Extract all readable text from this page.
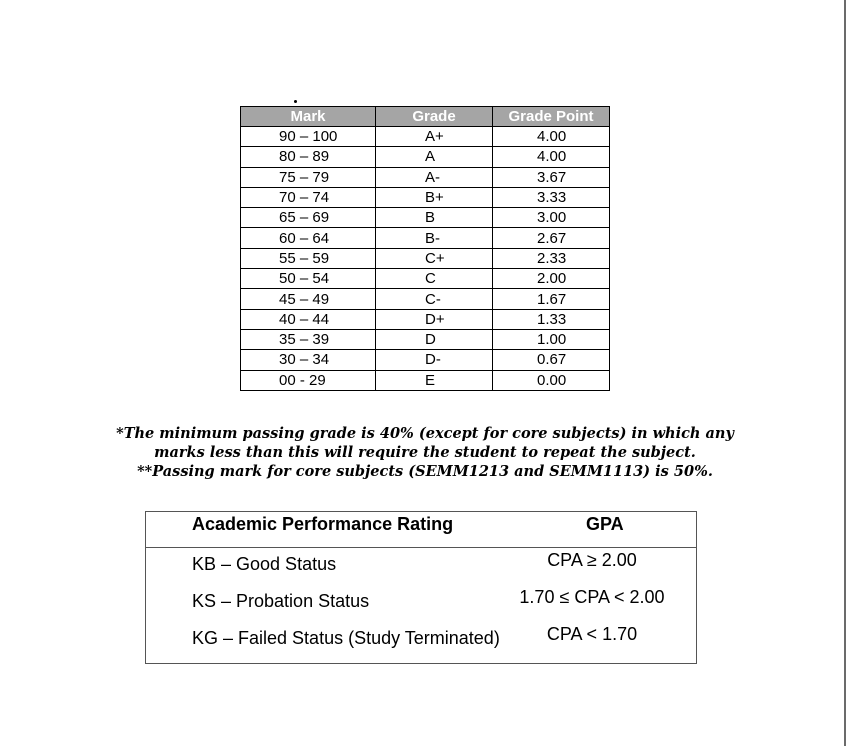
Mark	Grade	Grade Point
90 – 100	A+	4.00
80 – 89	A	4.00
75 – 79	A-	3.67
70 – 74	B+	3.33
65 – 69	B	3.00
60 – 64	B-	2.67
55 – 59	C+	2.33
50 – 54	C	2.00
45 – 49	C-	1.67
40 – 44	D+	1.33
35 – 39	D	1.00
30 – 34	D-	0.67
00 - 29	E	0.00

*The minimum passing grade is 40% (except for core subjects) in which any

marks less than this will require the student to repeat the subject.

**Passing mark for core subjects (SEMM1213 and SEMM1113) is 50%.

Academic Performance Rating	GPA
KB – Good Status	CPA ≥ 2.00
KS – Probation Status	1.70 ≤ CPA < 2.00
KG – Failed Status (Study Terminated)	CPA < 1.70
